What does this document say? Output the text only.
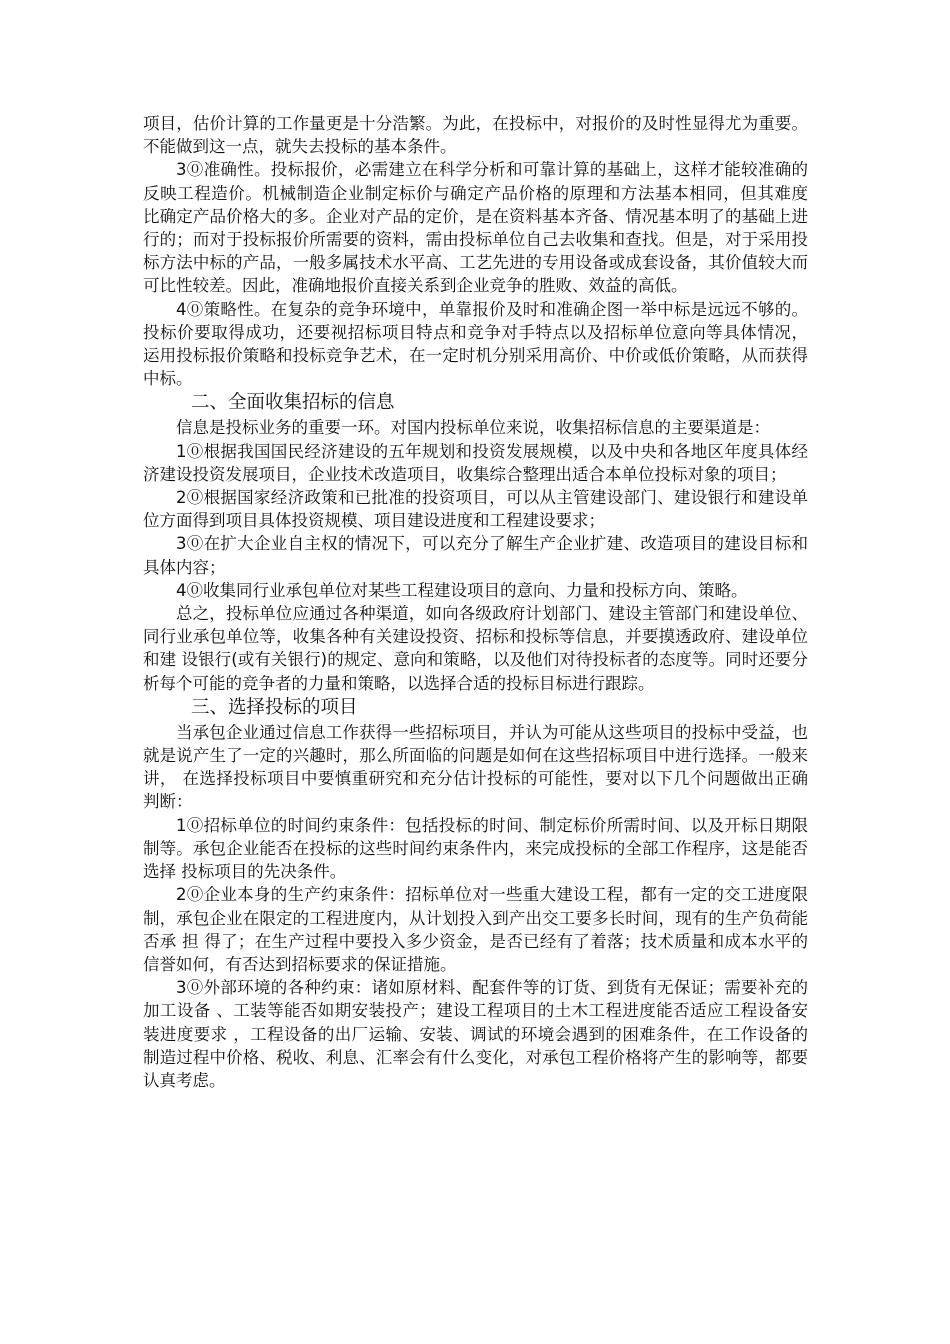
项目，估价计算的工作量更是十分浩繁。为此，在投标中，对报价的及时性显得尤为重要。不能做到这一点，就失去投标的基本条件。

3⓪准确性。投标报价，必需建立在科学分析和可靠计算的基础上，这样才能较准确的反映工程造价。机械制造企业制定标价与确定产品价格的原理和方法基本相同，但其难度 比确定产品价格大的多。企业对产品的定价，是在资料基本齐备、情况基本明了的基础上进行的；而对于投标报价所需要的资料，需由投标单位自己去收集和查找。但是，对于采用投 标方法中标的产品，一般多属技术水平高、工艺先进的专用设备或成套设备，其价值较大而可比性较差。因此，准确地报价直接关系到企业竞争的胜败、效益的高低。

4⓪策略性。在复杂的竞争环境中，单靠报价及时和准确企图一举中标是远远不够的。投标价要取得成功，还要视招标项目特点和竞争对手特点以及招标单位意向等具体情况， 运用投标报价策略和投标竞争艺术，在一定时机分别采用高价、中价或低价策略，从而获得中标。

二、全面收集招标的信息

信息是投标业务的重要一环。对国内投标单位来说，收集招标信息的主要渠道是：

1⓪根据我国国民经济建设的五年规划和投资发展规模，以及中央和各地区年度具体经济建设投资发展项目，企业技术改造项目，收集综合整理出适合本单位投标对象的项目；

2⓪根据国家经济政策和已批准的投资项目，可以从主管建设部门、建设银行和建设单位方面得到项目具体投资规模、项目建设进度和工程建设要求；

3⓪在扩大企业自主权的情况下，可以充分了解生产企业扩建、改造项目的建设目标和具体内容；

4⓪收集同行业承包单位对某些工程建设项目的意向、力量和投标方向、策略。

总之，投标单位应通过各种渠道，如向各级政府计划部门、建设主管部门和建设单位、同行业承包单位等，收集各种有关建设投资、招标和投标等信息，并要摸透政府、建设单位和建 设银行(或有关银行)的规定、意向和策略，以及他们对待投标者的态度等。同时还要分析每个可能的竞争者的力量和策略，以选择合适的投标目标进行跟踪。

三、选择投标的项目

当承包企业通过信息工作获得一些招标项目，并认为可能从这些项目的投标中受益，也就是说产生了一定的兴趣时，那么所面临的问题是如何在这些招标项目中进行选择。一般来讲， 在选择投标项目中要慎重研究和充分估计投标的可能性，要对以下几个问题做出正确判断：

1⓪招标单位的时间约束条件：包括投标的时间、制定标价所需时间、以及开标日期限制等。承包企业能否在投标的这些时间约束条件内，来完成投标的全部工作程序，这是能否选择 投标项目的先决条件。

2⓪企业本身的生产约束条件：招标单位对一些重大建设工程，都有一定的交工进度限制，承包企业在限定的工程进度内，从计划投入到产出交工要多长时间，现有的生产负荷能否承 担 得了；在生产过程中要投入多少资金，是否已经有了着落；技术质量和成本水平的信誉如何，有否达到招标要求的保证措施。

3⓪外部环境的各种约束：诸如原材料、配套件等的订货、到货有无保证；需要补充的加工设备 、工装等能否如期安装投产；建设工程项目的土木工程进度能否适应工程设备安装进度要求 ，工程设备的出厂运输、安装、调试的环境会遇到的困难条件，在工作设备的制造过程中价格、税收、利息、汇率会有什么变化，对承包工程价格将产生的影响等，都要认真考虑。
